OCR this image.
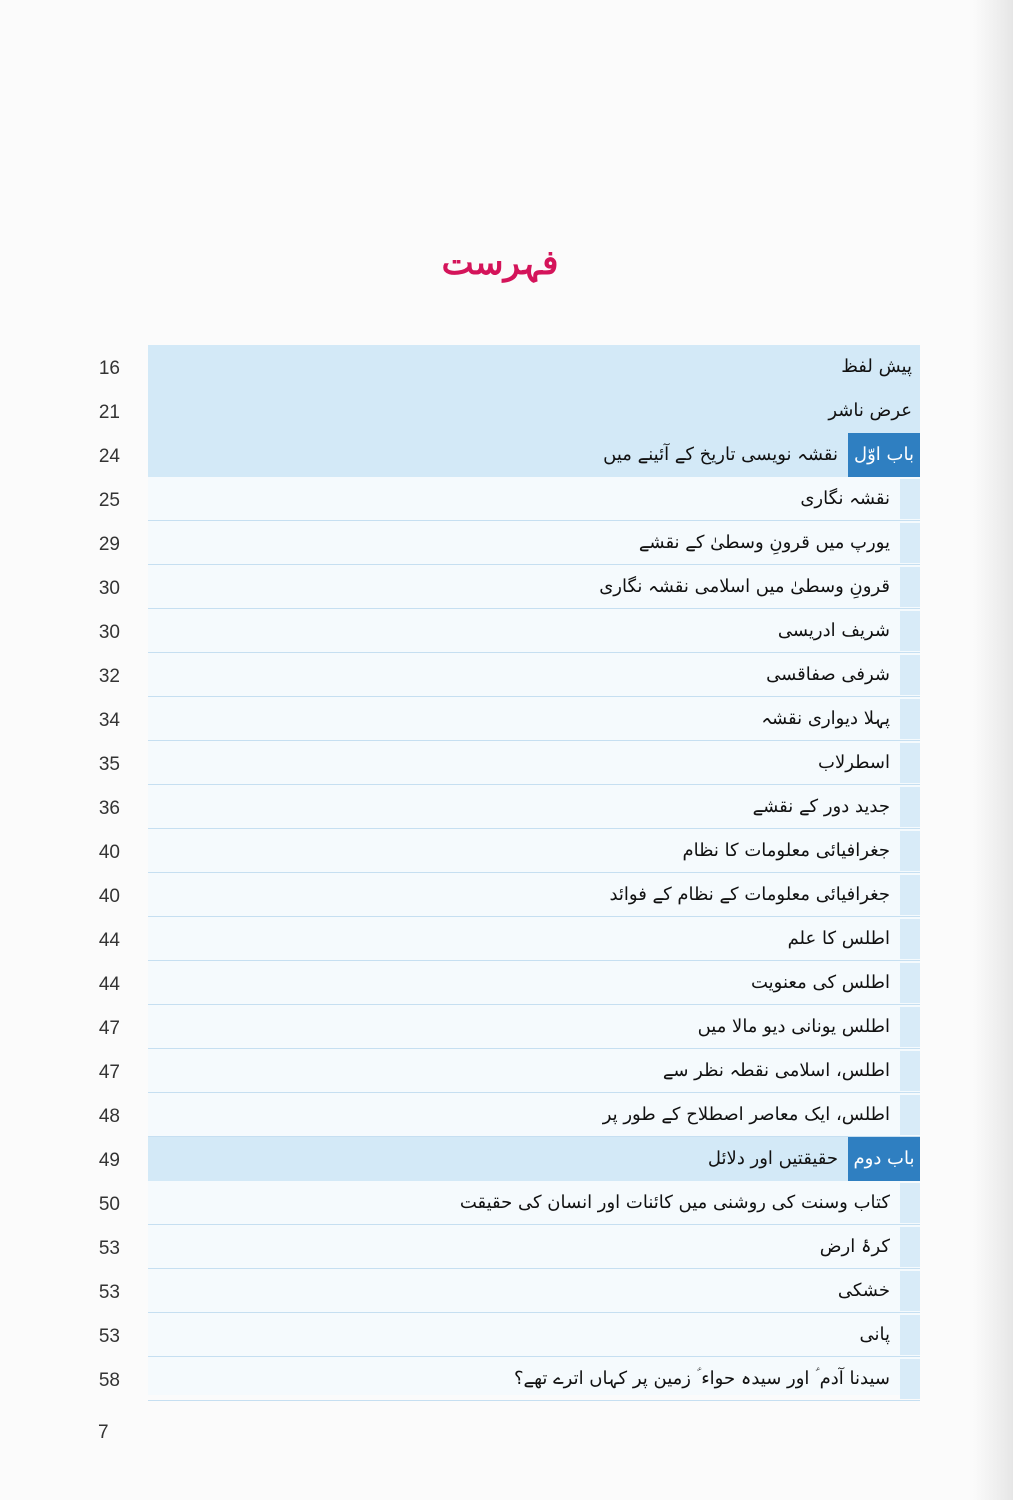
فہرست
پیش لفظ
عرض ناشر
باب اوّل
نقشہ نویسی تاریخ کے آئینے میں
نقشہ نگاری
یورپ میں قرونِ وسطیٰ کے نقشے
قرونِ وسطیٰ میں اسلامی نقشہ نگاری
شریف ادریسی
شرفی صفاقسی
پہلا دیواری نقشہ
اسطرلاب
جدید دور کے نقشے
جغرافیائی معلومات کا نظام
جغرافیائی معلومات کے نظام کے فوائد
اطلس کا علم
اطلس کی معنویت
اطلس یونانی دیو مالا میں
اطلس، اسلامی نقطہ نظر سے
اطلس، ایک معاصر اصطلاح کے طور پر
باب دوم
حقیقتیں اور دلائل
کتاب وسنت کی روشنی میں کائنات اور انسان کی حقیقت
کرۂ ارض
خشکی
پانی
سیدنا آدم ؑ اور سیدہ حواء ؑ زمین پر کہاں اترے تھے؟
16
21
24
25
29
30
30
32
34
35
36
40
40
44
44
47
47
48
49
50
53
53
53
58
7
